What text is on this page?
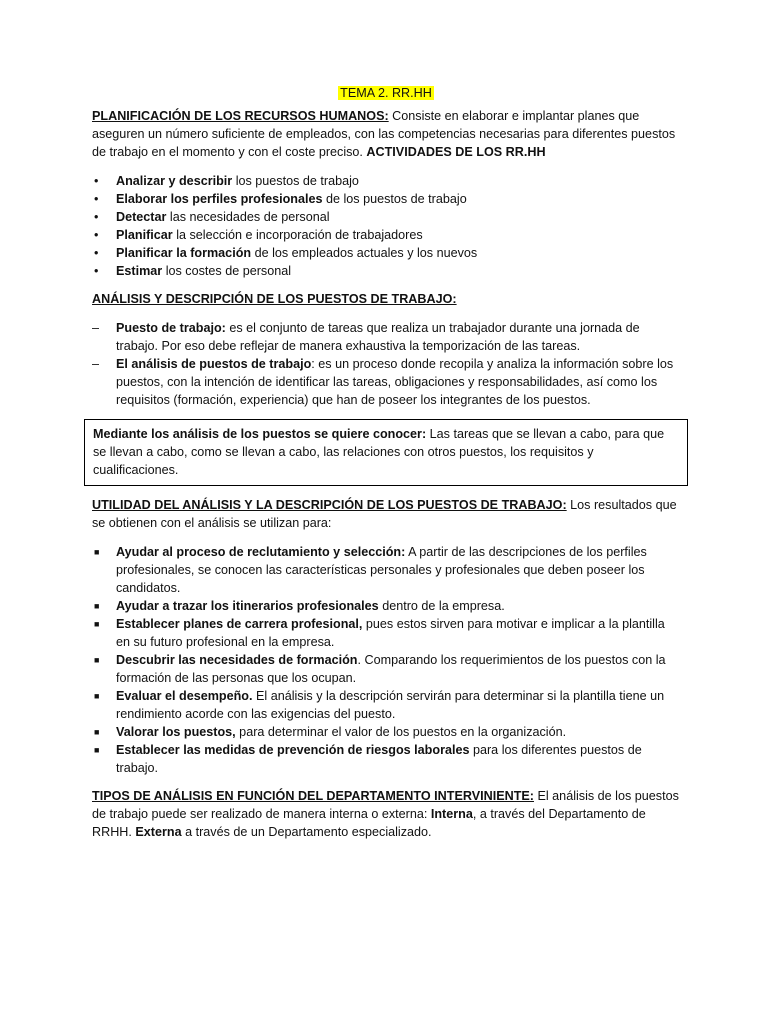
TEMA 2. RR.HH

PLANIFICACIÓN DE LOS RECURSOS HUMANOS: Consiste en elaborar e implantar planes que aseguren un número suficiente de empleados, con las competencias necesarias para diferentes puestos de trabajo en el momento y con el coste preciso. ACTIVIDADES DE LOS RR.HH

• Analizar y describir los puestos de trabajo
• Elaborar los perfiles profesionales de los puestos de trabajo
• Detectar las necesidades de personal
• Planificar la selección e incorporación de trabajadores
• Planificar la formación de los empleados actuales y los nuevos
• Estimar los costes de personal

ANÁLISIS Y DESCRIPCIÓN DE LOS PUESTOS DE TRABAJO:

– Puesto de trabajo: es el conjunto de tareas que realiza un trabajador durante una jornada de trabajo. Por eso debe reflejar de manera exhaustiva la temporización de las tareas.
– El análisis de puestos de trabajo: es un proceso donde recopila y analiza la información sobre los puestos, con la intención de identificar las tareas, obligaciones y responsabilidades, así como los requisitos (formación, experiencia) que han de poseer los integrantes de los puestos.
Mediante los análisis de los puestos se quiere conocer: Las tareas que se llevan a cabo, para que se llevan a cabo, como se llevan a cabo, las relaciones con otros puestos, los requisitos y cualificaciones.

UTILIDAD DEL ANÁLISIS Y LA DESCRIPCIÓN DE LOS PUESTOS DE TRABAJO: Los resultados que se obtienen con el análisis se utilizan para:

■ Ayudar al proceso de reclutamiento y selección: A partir de las descripciones de los perfiles profesionales, se conocen las características personales y profesionales que deben poseer los candidatos.
■ Ayudar a trazar los itinerarios profesionales dentro de la empresa.
■ Establecer planes de carrera profesional, pues estos sirven para motivar e implicar a la plantilla en su futuro profesional en la empresa.
■ Descubrir las necesidades de formación. Comparando los requerimientos de los puestos con la formación de las personas que los ocupan.
■ Evaluar el desempeño. El análisis y la descripción servirán para determinar si la plantilla tiene un rendimiento acorde con las exigencias del puesto.
■ Valorar los puestos, para determinar el valor de los puestos en la organización.
■ Establecer las medidas de prevención de riesgos laborales para los diferentes puestos de trabajo.

TIPOS DE ANÁLISIS EN FUNCIÓN DEL DEPARTAMENTO INTERVINIENTE: El análisis de los puestos de trabajo puede ser realizado de manera interna o externa: Interna, a través del Departamento de RRHH. Externa a través de un Departamento especializado.
